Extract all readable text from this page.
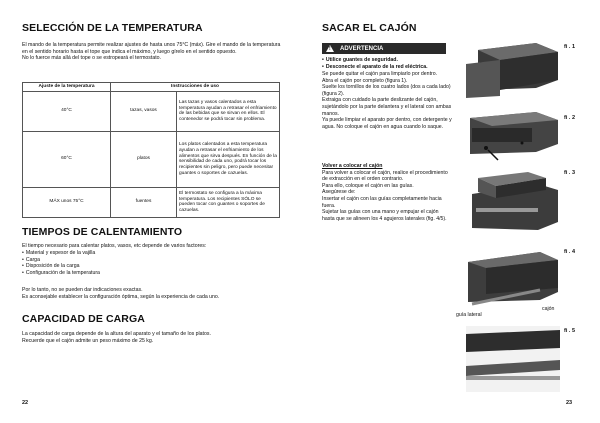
SELECCIÓN DE LA TEMPERATURA
El mando de la temperatura permite realizar ajustes de hasta unos 75°C (máx). Gire el mando de la temperatura en el sentido horario hasta el tope que indica el máximo, y luego gírelo en el sentido opuesto.
No lo fuerce más allá del tope o se estropeará el termostato.
Ajuste de la temperatura	Instrucciones de uso	
40°C	tazas, vasos	Las tazas y vasos calentados a esta temperatura ayudan a retrasar el enfriamiento de las bebidas que se sirvan en ellos. El contenedor se podrá tocar sin problema.
60°C	platos	Los platos calentados a esta temperatura ayudan a retrasar el enfriamiento de los alimentos que sirva después. En función de la sensibilidad de cada uno, podrá tocar los recipientes sin peligro, pero puede necesitar guantes o soportes de cazuelas.
MÁX unos 75°C	fuentes	El termostato se configura a la máxima temperatura. Los recipientes SÓLO se pueden tocar con guantes o soportes de cazuelas.
TIEMPOS DE CALENTAMIENTO
El tiempo necesario para calentar platos, vasos, etc depende de varios factores:
• Material y espesor de la vajilla
• Carga
• Disposición de la carga
• Configuración de la temperatura
Por lo tanto, no se pueden dar indicaciones exactas.
Es aconsejable establecer la configuración óptima, según la experiencia de cada uno.
CAPACIDAD DE CARGA
La capacidad de carga depende de la altura del aparato y el tamaño de los platos.
Recuerde que el cajón admite un peso máximo de 25 kg.
22
SACAR EL CAJÓN
! ADVERTENCIA
• Utilice guantes de seguridad.
• Desconecte el aparato de la red eléctrica.
Se puede quitar el cajón para limpiarlo por dentro.
Abra el cajón por completo (figura 1).
Suelte los tornillos de los cuatro lados (dos a cada lado) (figura 2).
Extraiga con cuidado la parte deslizante del cajón, sujetándolo por la parte delantera y el lateral con ambas manos.
Ya puede limpiar el aparato por dentro, con detergente y agua. No coloque el cajón en agua cuando lo saque.
Volver a colocar el cajón
Para volver a colocar el cajón, realice el procedimiento de extracción en el orden contrario.
Para ello, coloque el cajón en las guías.
Asegúrese de:
Insertar el cajón con las guías completamente hacia fuera.
Sujetar las guías con una mano y empujar el cajón hasta que se alineen los 4 agujeros laterales (fig. 4/5).
fi . 1
fi . 2
fi . 3
fi . 4
guía lateral
cajón
fi . 5
23
